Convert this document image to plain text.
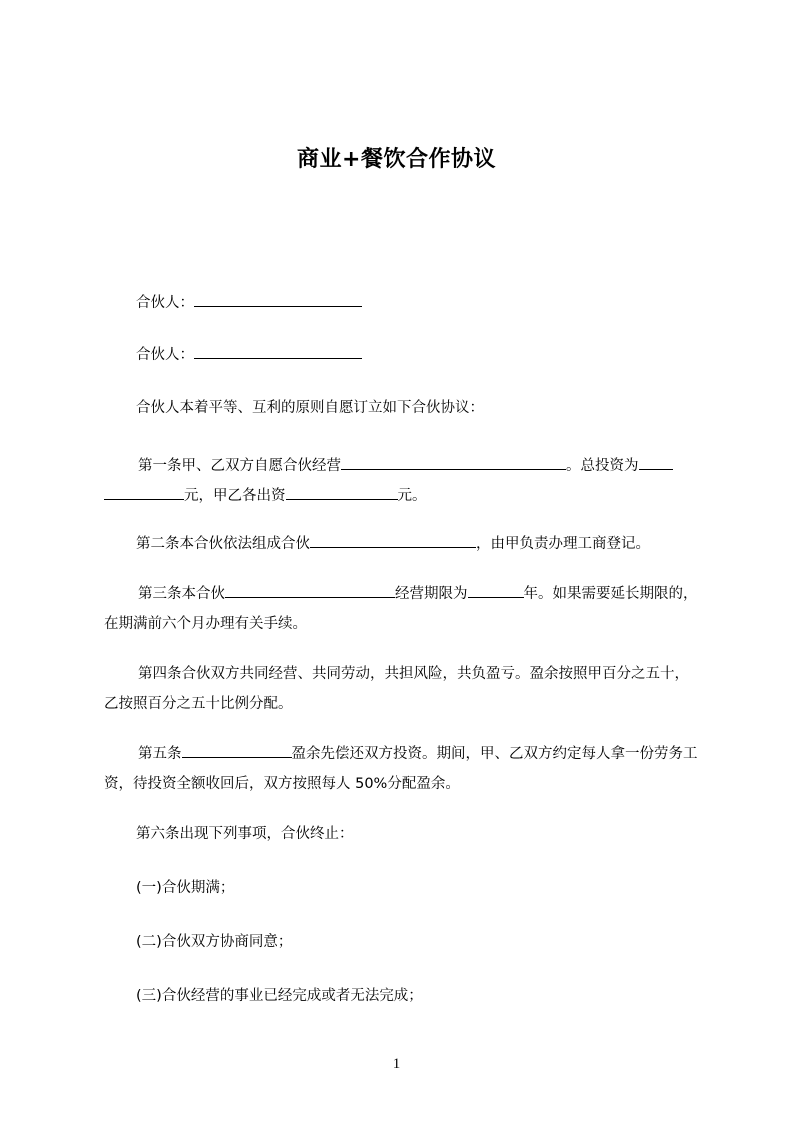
商业+餐饮合作协议
合伙人：
合伙人：
合伙人本着平等、互利的原则自愿订立如下合伙协议：
第一条甲、乙双方自愿合伙经营	。总投资为
元，甲乙各出资	元。
第二条本合伙依法组成合伙	，由甲负责办理工商登记。
第三条本合伙	经营期限为	年。如果需要延长期限的，在期满前六个月办理有关手续。
第四条合伙双方共同经营、共同劳动，共担风险，共负盈亏。盈余按照甲百分之五十，乙按照百分之五十比例分配。
第五条	盈余先偿还双方投资。期间，甲、乙双方约定每人拿一份劳务工资，待投资全额收回后，双方按照每人 50%分配盈余。
第六条出现下列事项，合伙终止：
(一)合伙期满；
(二)合伙双方协商同意；
(三)合伙经营的事业已经完成或者无法完成；
1
